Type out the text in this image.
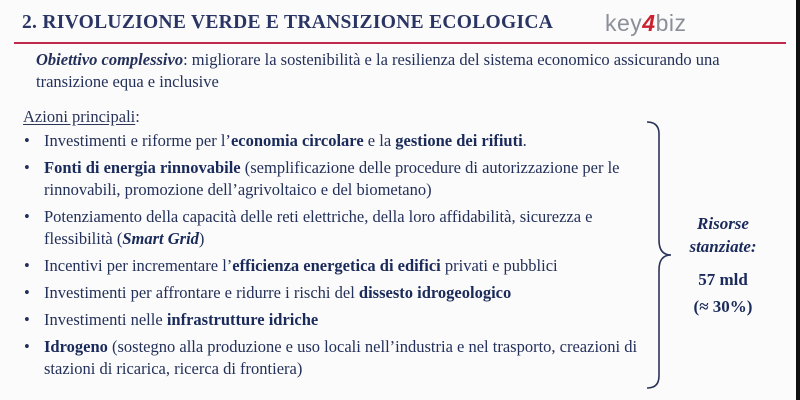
2. RIVOLUZIONE VERDE E TRANSIZIONE ECOLOGICA key4biz
Obiettivo complessivo: migliorare la sostenibilità e la resilienza del sistema economico assicurando una transizione equa e inclusive
Azioni principali:
• Investimenti e riforme per l’economia circolare e la gestione dei rifiuti.
• Fonti di energia rinnovabile (semplificazione delle procedure di autorizzazione per le rinnovabili, promozione dell’agrivoltaico e del biometano)
• Potenziamento della capacità delle reti elettriche, della loro affidabilità, sicurezza e flessibilità (Smart Grid)
• Incentivi per incrementare l’efficienza energetica di edifici privati e pubblici
• Investimenti per affrontare e ridurre i rischi del dissesto idrogeologico
• Investimenti nelle infrastrutture idriche
• Idrogeno (sostegno alla produzione e uso locali nell’industria e nel trasporto, creazioni di stazioni di ricarica, ricerca di frontiera)
Risorse
stanziate:
57 mld
(≈ 30%)
